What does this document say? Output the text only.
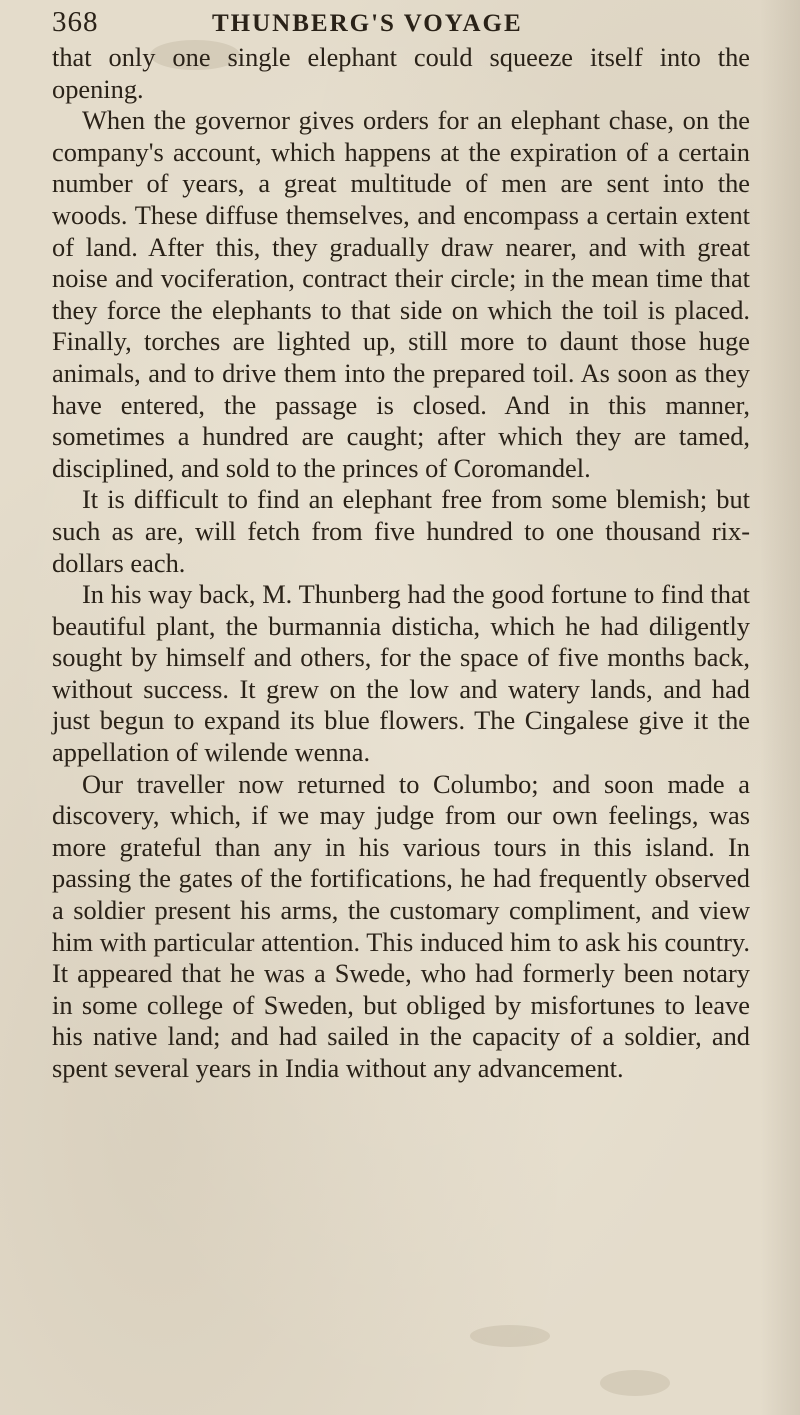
368	THUNBERG'S VOYAGE

that only one single elephant could squeeze itself into the opening.

When the governor gives orders for an elephant chase, on the company's account, which happens at the expiration of a certain number of years, a great multitude of men are sent into the woods. These diffuse themselves, and encompass a certain extent of land. After this, they gradually draw nearer, and with great noise and vociferation, contract their circle; in the mean time that they force the elephants to that side on which the toil is placed. Finally, torches are lighted up, still more to daunt those huge animals, and to drive them into the prepared toil. As soon as they have entered, the passage is closed. And in this manner, sometimes a hundred are caught; after which they are tamed, disciplined, and sold to the princes of Coromandel.

It is difficult to find an elephant free from some blemish; but such as are, will fetch from five hundred to one thousand rix-dollars each.

In his way back, M. Thunberg had the good fortune to find that beautiful plant, the burmannia disticha, which he had diligently sought by himself and others, for the space of five months back, without success. It grew on the low and watery lands, and had just begun to expand its blue flowers. The Cingalese give it the appellation of wilende wenna.

Our traveller now returned to Columbo; and soon made a discovery, which, if we may judge from our own feelings, was more grateful than any in his various tours in this island. In passing the gates of the fortifications, he had frequently observed a soldier present his arms, the customary compliment, and view him with particular attention. This induced him to ask his country. It appeared that he was a Swede, who had formerly been notary in some college of Sweden, but obliged by misfortunes to leave his native land; and had sailed in the capacity of a soldier, and spent several years in India without any advancement.
